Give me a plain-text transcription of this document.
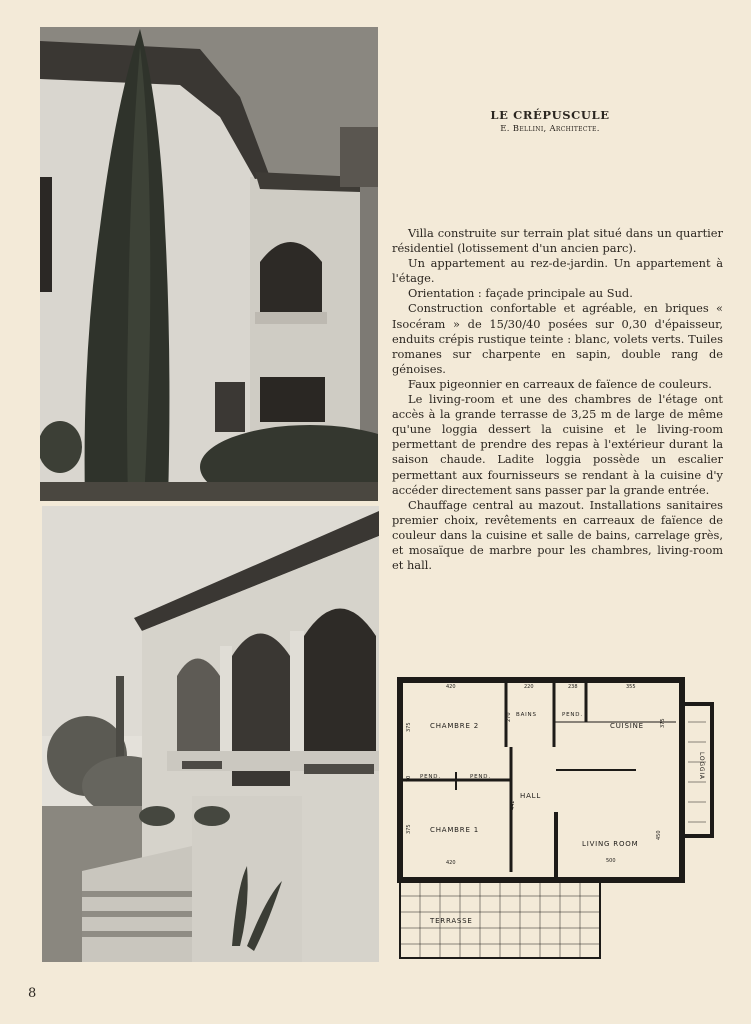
LE CRÉPUSCULE
E. Bellini, Architecte.

Villa construite sur terrain plat situé dans un quartier résidentiel (lotissement d'un ancien parc).

Un appartement au rez-de-jardin. Un appartement à l'étage.

Orientation : façade principale au Sud.

Construction confortable et agréable, en briques « Isocéram » de 15/30/40 posées sur 0,30 d'épaisseur, enduits crépis rustique teinte : blanc, volets verts. Tuiles romanes sur charpente en sapin, double rang de génoises.

Faux pigeonnier en carreaux de faïence de couleurs.

Le living-room et une des chambres de l'étage ont accès à la grande terrasse de 3,25 m de large de même qu'une loggia dessert la cuisine et le living-room permettant de prendre des repas à l'extérieur durant la saison chaude. Ladite loggia possède un escalier permettant aux fournisseurs se rendant à la cuisine d'y accéder directement sans passer par la grande entrée.

Chauffage central au mazout. Installations sanitaires premier choix, revêtements en carreaux de faïence de couleur dans la cuisine et salle de bains, carrelage grès, et mosaïque de marbre pour les chambres, living-room et hall.

CHAMBRE 2
BAINS	PEND.
CUISINE
PEND.	PEND.
HALL
CHAMBRE 1
LIVING ROOM
TERRASSE
LOGGIA
420	220	238	355
375
270
375
70
442
375
420	500
450
8
